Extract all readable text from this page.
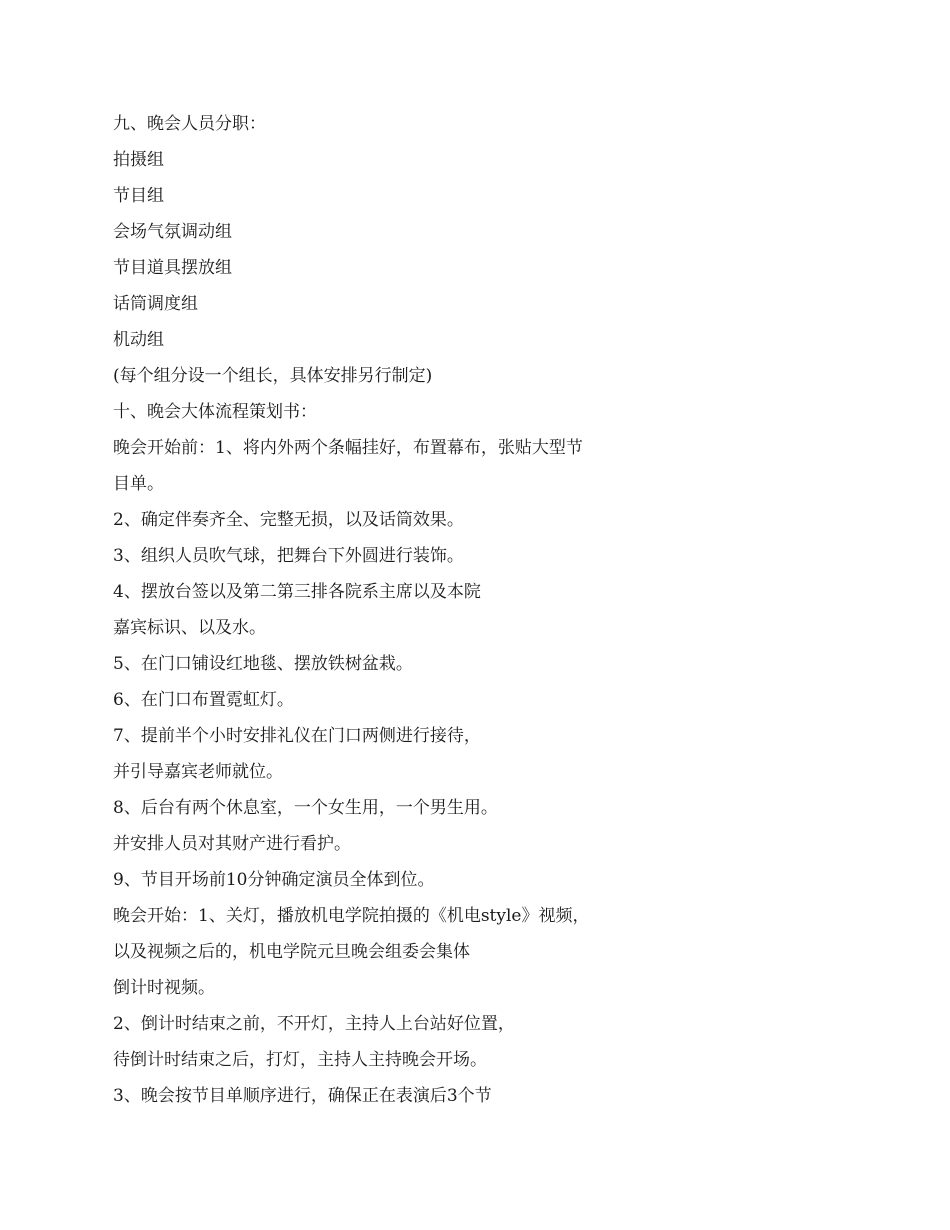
九、晚会人员分职：

拍摄组

节目组

会场气氛调动组

节目道具摆放组

话筒调度组

机动组

(每个组分设一个组长，具体安排另行制定)

十、晚会大体流程策划书：

晚会开始前：1、将内外两个条幅挂好，布置幕布，张贴大型节

目单。

2、确定伴奏齐全、完整无损，以及话筒效果。

3、组织人员吹气球，把舞台下外圆进行装饰。

4、摆放台签以及第二第三排各院系主席以及本院

嘉宾标识、以及水。

5、在门口铺设红地毯、摆放铁树盆栽。

6、在门口布置霓虹灯。

7、提前半个小时安排礼仪在门口两侧进行接待，

并引导嘉宾老师就位。

8、后台有两个休息室，一个女生用，一个男生用。

并安排人员对其财产进行看护。

9、节目开场前10分钟确定演员全体到位。

晚会开始：1、关灯，播放机电学院拍摄的《机电style》视频，

以及视频之后的，机电学院元旦晚会组委会集体

倒计时视频。

2、倒计时结束之前，不开灯，主持人上台站好位置，

待倒计时结束之后，打灯，主持人主持晚会开场。

3、晚会按节目单顺序进行，确保正在表演后3个节
